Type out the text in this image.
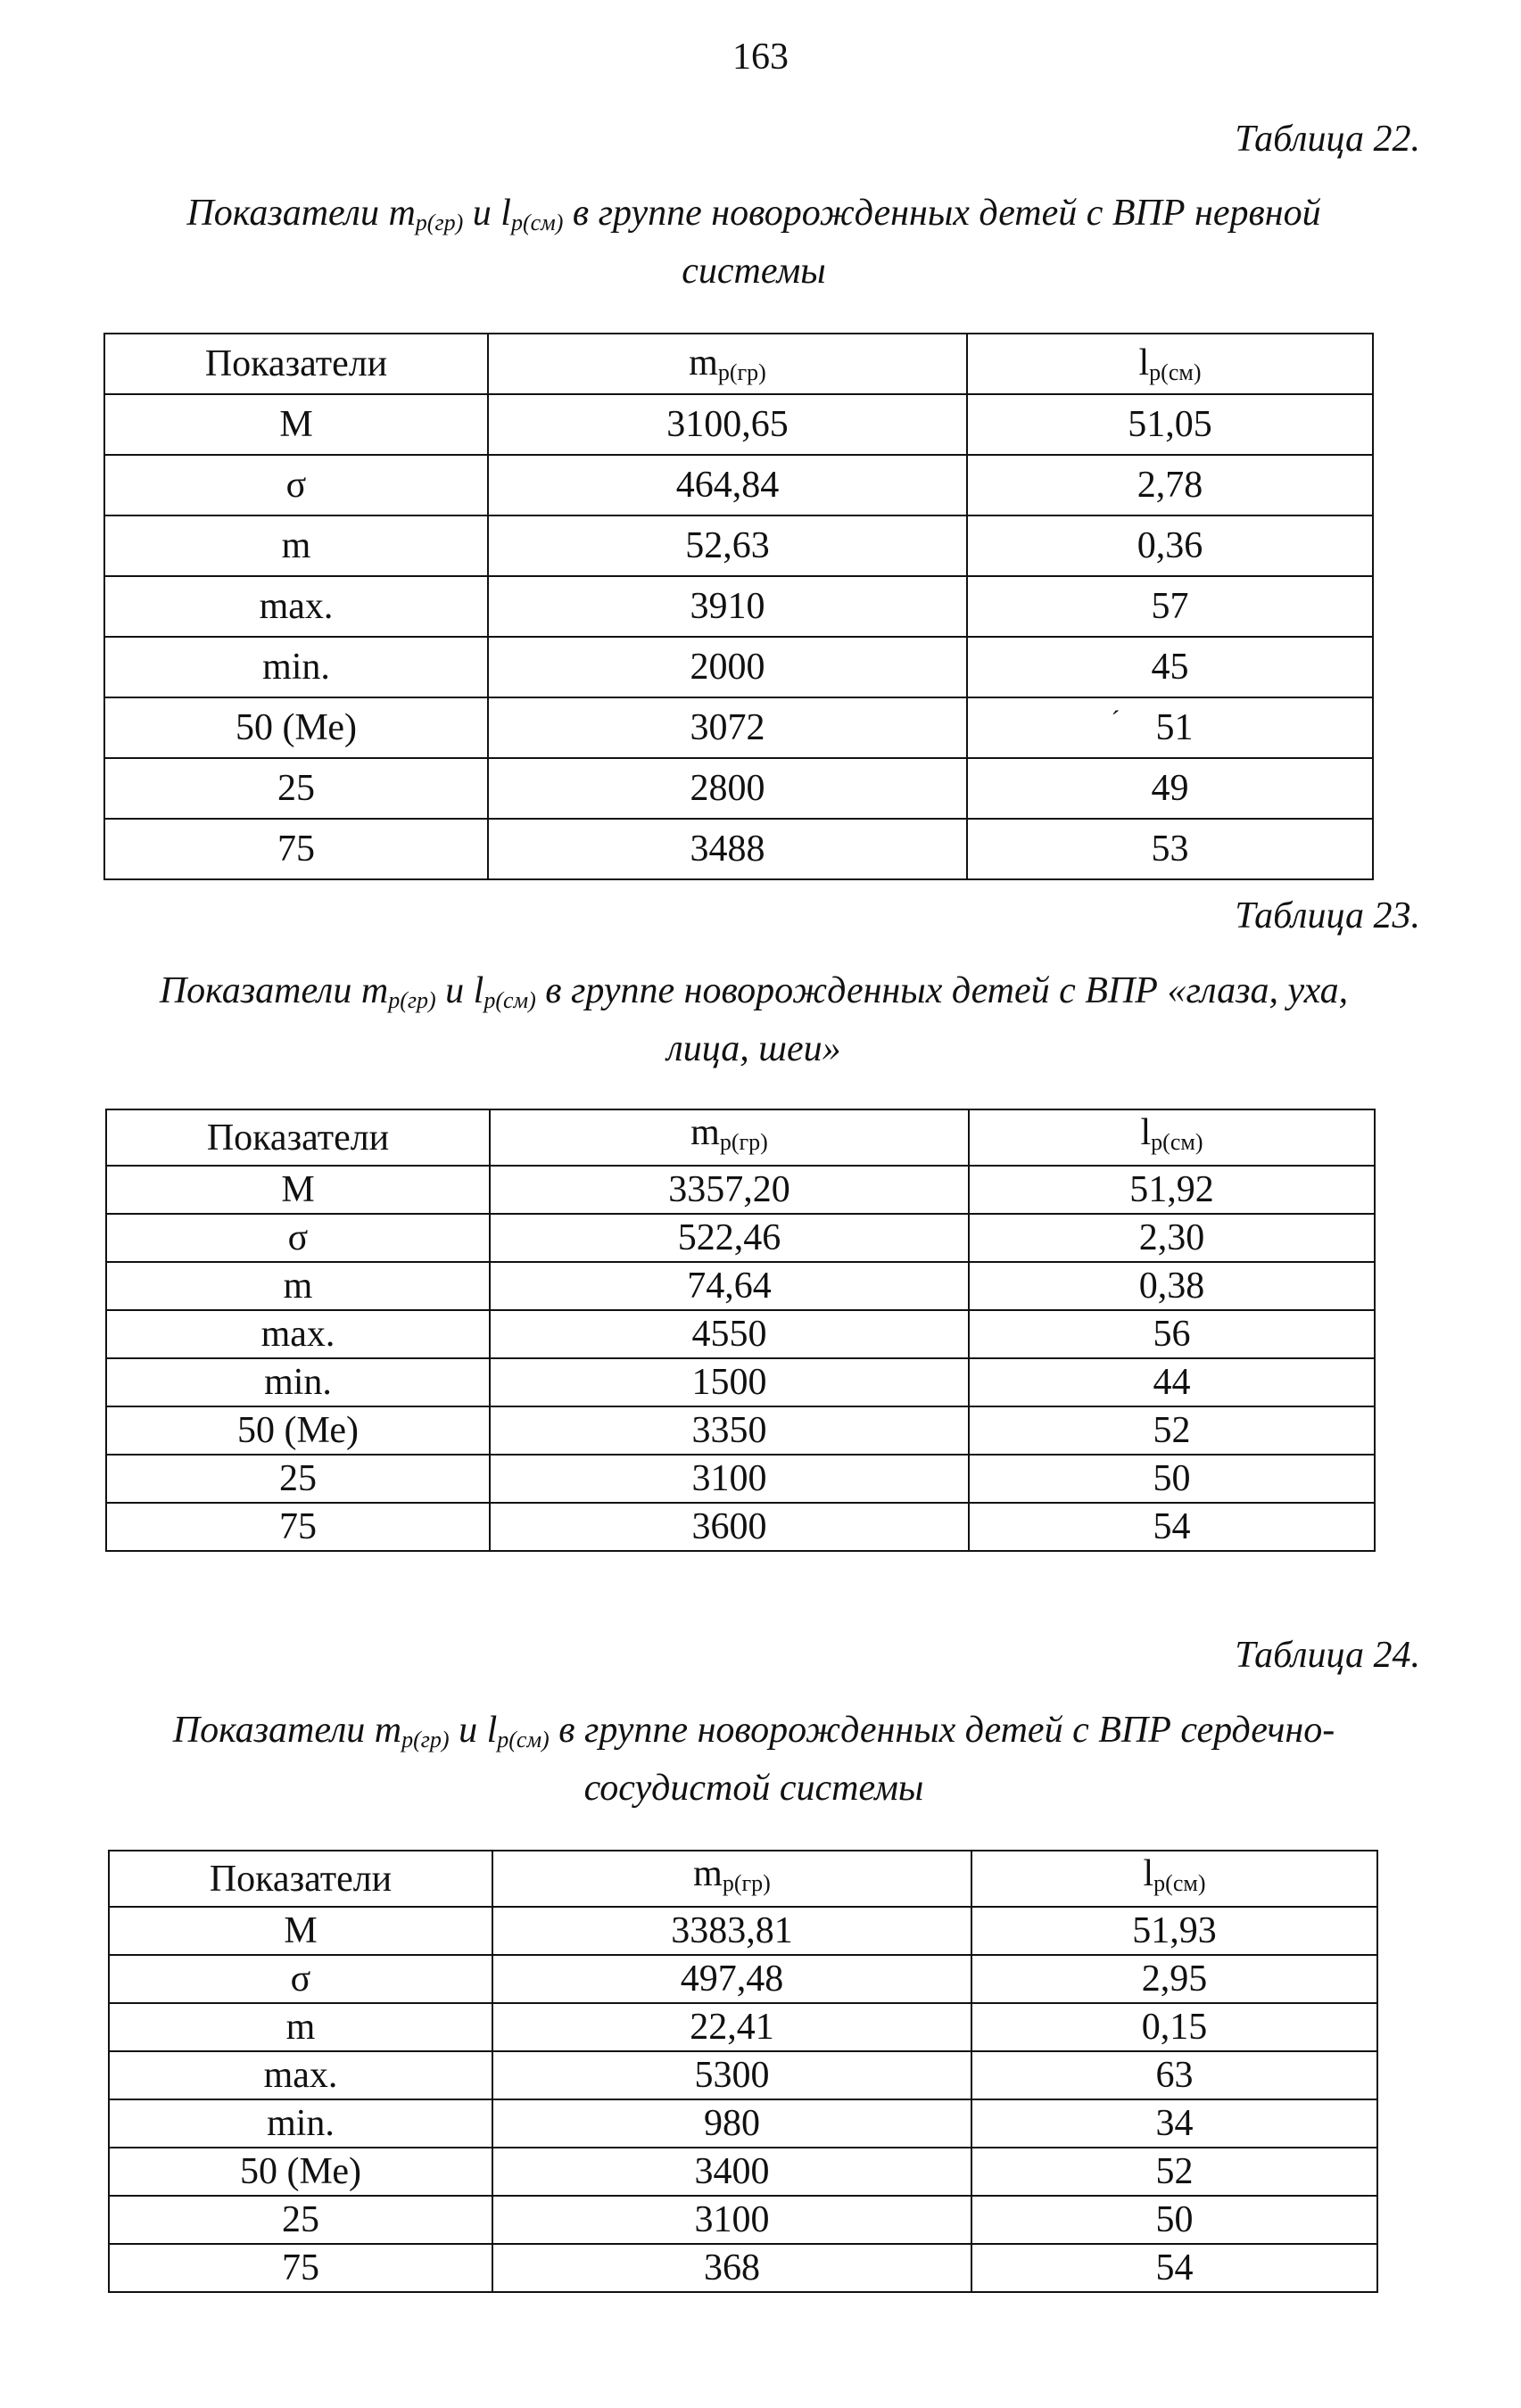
163
Таблица 22.
Показатели $m_{р(гр)}$ и $l_{р(см)}$ в группе новорожденных детей с ВПР нервной
системы
Показатели	$m_{р(гр)}$	$l_{р(см)}$
М	3100,65	51,05
σ	464,84	2,78
m	52,63	0,36
max.	3910	57
min.	2000	45
50 (Ме)	3072	$^ˊ$ 51
25	2800	49
75	3488	53
Таблица 23.
Показатели $m_{р(гр)}$ и $l_{р(см)}$ в группе новорожденных детей с ВПР «глаза, уха,
лица, шеи»
Показатели	$m_{р(гр)}$	$l_{р(см)}$
М	3357,20	51,92
σ	522,46	2,30
m	74,64	0,38
max.	4550	56
min.	1500	44
50 (Ме)	3350	52
25	3100	50
75	3600	54
Таблица 24.
Показатели $m_{р(гр)}$ и $l_{р(см)}$ в группе новорожденных детей с ВПР сердечно-
сосудистой системы
Показатели	$m_{р(гр)}$	$l_{р(см)}$
М	3383,81	51,93
σ	497,48	2,95
m	22,41	0,15
max.	5300	63
min.	980	34
50 (Ме)	3400	52
25	3100	50
75	368	54
